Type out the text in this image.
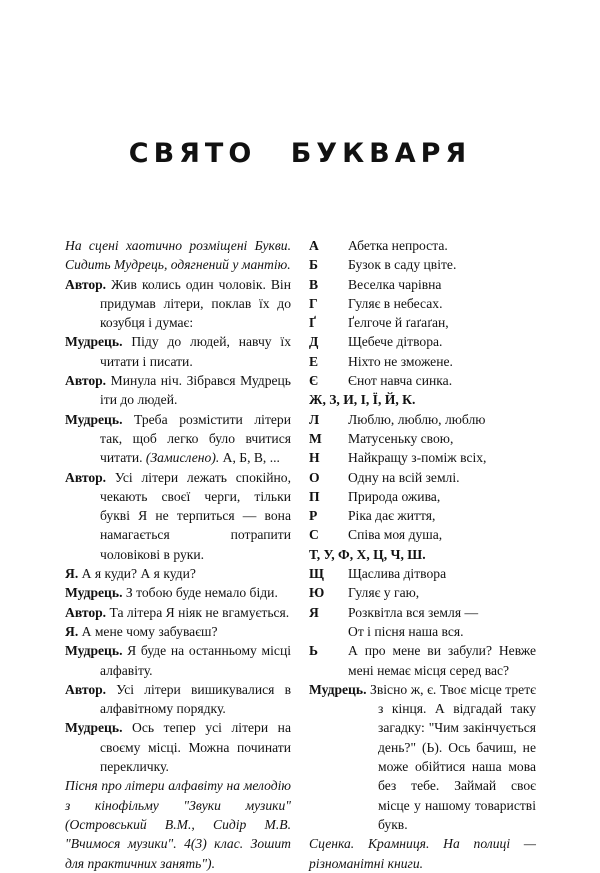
СВЯТО БУКВАРЯ

На сцені хаотично розміщені Букви. Сидить Мудрець, одягнений у мантію.

Автор. Жив колись один чоловік. Він придумав літери, поклав їх до козубця і думає:

Мудрець. Піду до людей, навчу їх читати і писати.

Автор. Минула ніч. Зібрався Мудрець іти до людей.

Мудрець. Треба розмістити літери так, щоб легко було вчитися читати. (Замислено). А, Б, В, ...

Автор. Усі літери лежать спокійно, чекають своєї черги, тільки букві Я не терпиться — вона намагається потрапити чоловікові в руки.

Я. А я куди? А я куди?

Мудрець. З тобою буде немало біди.

Автор. Та літера Я ніяк не вгамується.

Я. А мене чому забуваєш?

Мудрець. Я буде на останньому місці алфавіту.

Автор. Усі літери вишикувалися в алфавітному порядку.

Мудрець. Ось тепер усі літери на своєму місці. Можна починати перекличку.

Пісня про літери алфавіту на мелодію з кінофільму "Звуки музики" (Островський В.М., Сидір М.В. "Вчимося музики". 4(3) клас. Зошит для практичних занять").

А	Абетка непроста.
Б	Бузок в саду цвіте.
В	Веселка чарівна
Г	Гуляє в небесах.
Ґ	Ґелгоче й ґаґаґан,
Д	Щебече дітвора.
Е	Ніхто не зможене.
Є	Єнот навча синка.
Ж, З, И, І, Ї, Й, К.
Л	Люблю, люблю, люблю
М	Матусеньку свою,
Н	Найкращу з-поміж всіх,
О	Одну на всій землі.
П	Природа ожива,
Р	Ріка дає життя,
С	Співа моя душа,
Т, У, Ф, Х, Ц, Ч, Ш.
Щ	Щаслива дітвора
Ю	Гуляє у гаю,
Я	Розквітла вся земля —
От і пісня наша вся.
Ь	А про мене ви забули? Невже мені немає місця серед вас?

Мудрець. Звісно ж, є. Твоє місце третє з кінця. А відгадай таку загадку: "Чим закінчується день?" (Ь). Ось бачиш, не може обійтися наша мова без тебе. Займай своє місце у нашому товаристві букв.

Сценка. Крамниця. На полиці — різноманітні книги.
